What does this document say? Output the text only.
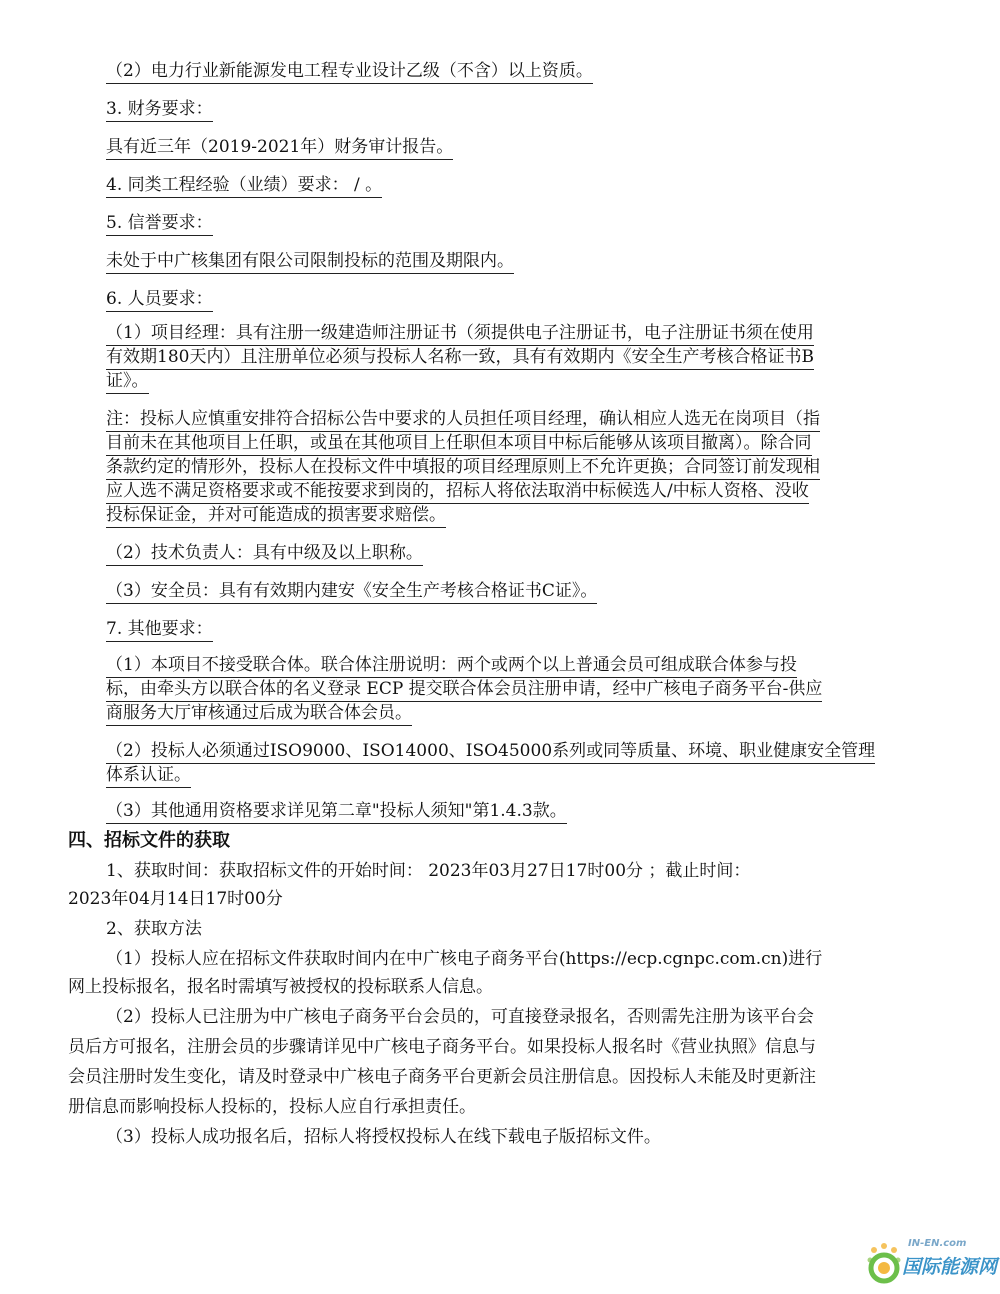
（2）电力行业新能源发电工程专业设计乙级（不含）以上资质。

3. 财务要求：

具有近三年（2019-2021年）财务审计报告。

4. 同类工程经验（业绩）要求： / 。

5. 信誉要求：

未处于中广核集团有限公司限制投标的范围及期限内。

6. 人员要求：

（1）项目经理：具有注册一级建造师注册证书（须提供电子注册证书，电子注册证书须在使用

有效期180天内）且注册单位必须与投标人名称一致，具有有效期内《安全生产考核合格证书B

证》。

注：投标人应慎重安排符合招标公告中要求的人员担任项目经理，确认相应人选无在岗项目（指

目前未在其他项目上任职，或虽在其他项目上任职但本项目中标后能够从该项目撤离）。除合同

条款约定的情形外，投标人在投标文件中填报的项目经理原则上不允许更换；合同签订前发现相

应人选不满足资格要求或不能按要求到岗的，招标人将依法取消中标候选人/中标人资格、没收

投标保证金，并对可能造成的损害要求赔偿。

（2）技术负责人：具有中级及以上职称。

（3）安全员：具有有效期内建安《安全生产考核合格证书C证》。

7. 其他要求：

（1）本项目不接受联合体。联合体注册说明：两个或两个以上普通会员可组成联合体参与投

标，由牵头方以联合体的名义登录 ECP 提交联合体会员注册申请，经中广核电子商务平台-供应

商服务大厅审核通过后成为联合体会员。

（2）投标人必须通过ISO9000、ISO14000、ISO45000系列或同等质量、环境、职业健康安全管理

体系认证。

（3）其他通用资格要求详见第二章"投标人须知"第1.4.3款。

四、招标文件的获取

1、获取时间：获取招标文件的开始时间： 2023年03月27日17时00分 ；截止时间：

2023年04月14日17时00分

2、获取方法

（1）投标人应在招标文件获取时间内在中广核电子商务平台(https://ecp.cgnpc.com.cn)进行

网上投标报名，报名时需填写被授权的投标联系人信息。

（2）投标人已注册为中广核电子商务平台会员的，可直接登录报名，否则需先注册为该平台会

员后方可报名，注册会员的步骤请详见中广核电子商务平台。如果投标人报名时《营业执照》信息与

会员注册时发生变化，请及时登录中广核电子商务平台更新会员注册信息。因投标人未能及时更新注

册信息而影响投标人投标的，投标人应自行承担责任。

（3）投标人成功报名后，招标人将授权投标人在线下载电子版招标文件。

IN-EN.com
国际能源网
